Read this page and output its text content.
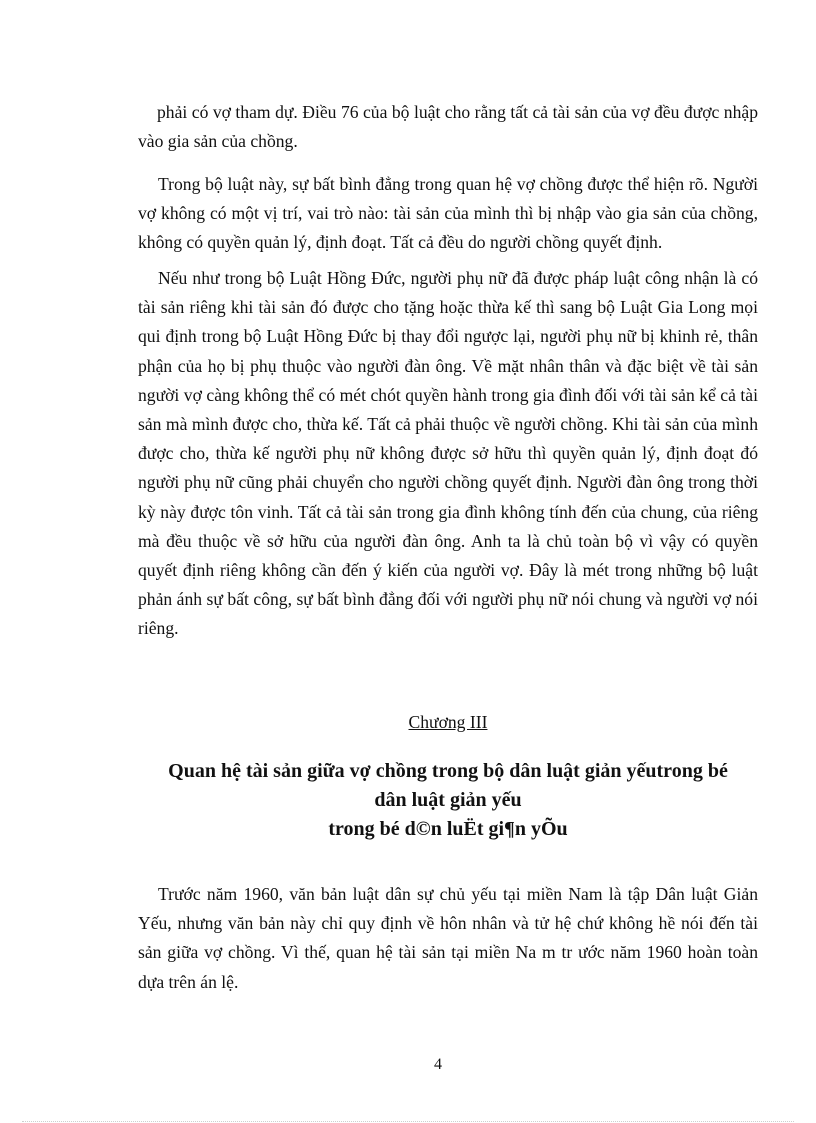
phải có vợ tham dự. Điều 76 của bộ luật cho rằng tất cả tài sản của vợ đều được nhập vào gia sản của chồng.

Trong bộ luật này, sự bất bình đẳng trong quan hệ vợ chồng được thể hiện rõ. Người vợ không có một vị trí, vai trò nào: tài sản của mình thì bị nhập vào gia sản của chồng, không có quyền quản lý, định đoạt. Tất cả đều do người chồng quyết định.

Nếu như trong bộ Luật Hồng Đức, người phụ nữ đã được pháp luật công nhận là có tài sản riêng khi tài sản đó được cho tặng hoặc thừa kế thì sang bộ Luật Gia Long mọi qui định trong bộ Luật Hồng Đức bị thay đổi ngược lại, người phụ nữ bị khinh rẻ, thân phận của họ bị phụ thuộc vào người đàn ông. Về mặt nhân thân và đặc biệt về tài sản người vợ càng không thể có mét chót quyền hành trong gia đình đối với tài sản kể cả tài sản mà mình được cho, thừa kế. Tất cả phải thuộc về người chồng. Khi tài sản của mình được cho, thừa kế người phụ nữ không được sở hữu thì quyền quản lý, định đoạt đó người phụ nữ cũng phải chuyển cho người chồng quyết định. Người đàn ông trong thời kỳ này được tôn vinh. Tất cả tài sản trong gia đình không tính đến của chung, của riêng mà đều thuộc về sở hữu của người đàn ông. Anh ta là chủ toàn bộ vì vậy có quyền quyết định riêng không cần đến ý kiến của người vợ. Đây là mét trong những bộ luật phản ánh sự bất công, sự bất bình đẳng đối với người phụ nữ nói chung và người vợ nói riêng.

Chương III
Quan hệ tài sản giữa vợ chồng trong bộ dân luật giản yếutrong bé
dân luật giản yếu
trong bé d©n luËt gi¶n yÕu

Trước năm 1960, văn bản luật dân sự chủ yếu tại miền Nam là tập Dân luật Giản Yếu, nhưng văn bản này chỉ quy định về hôn nhân và tử hệ chứ không hề nói đến tài sản giữa vợ chồng. Vì thế, quan hệ tài sản tại miền Na m tr ước năm 1960 hoàn toàn dựa trên án lệ.

4
